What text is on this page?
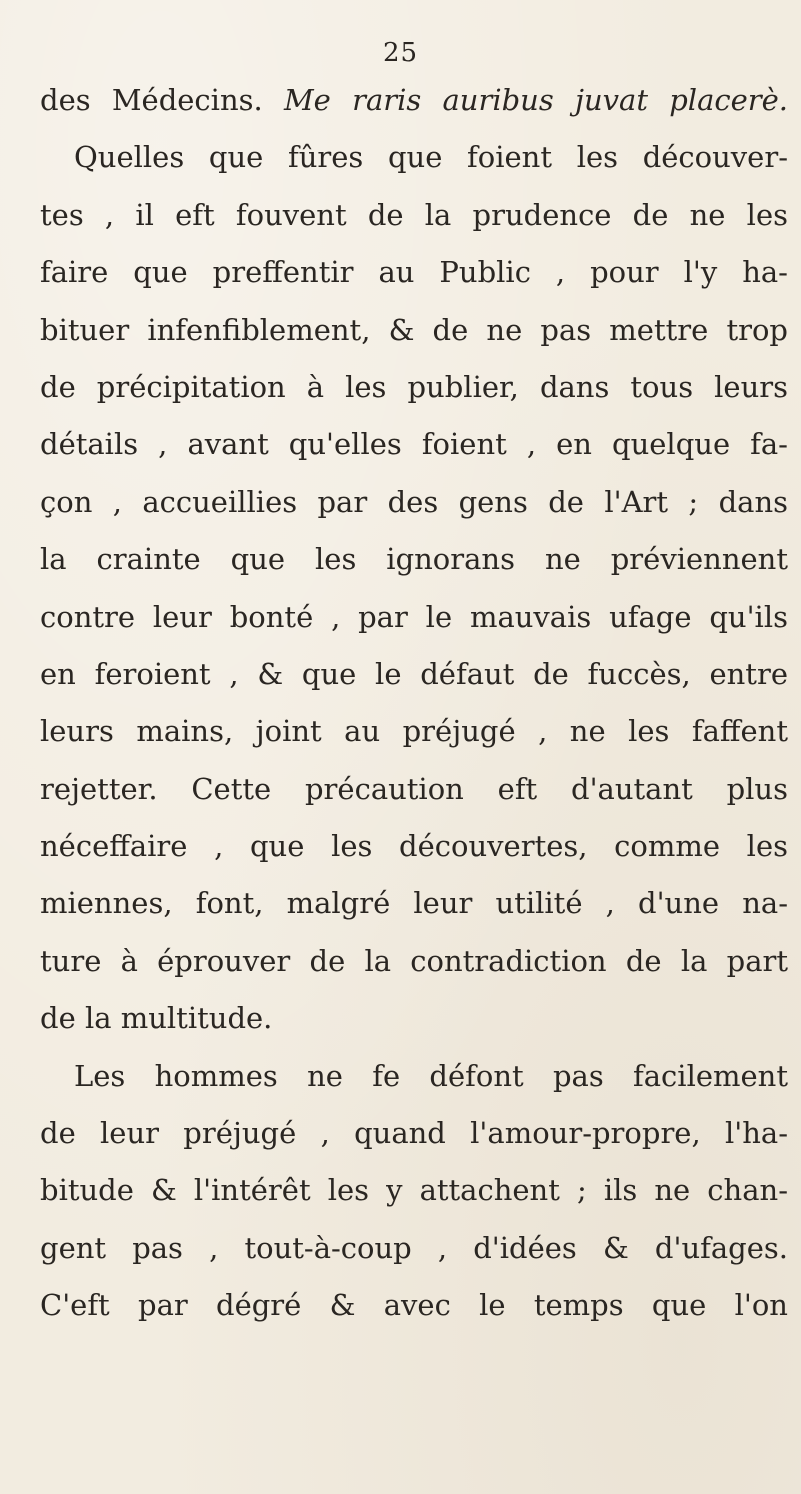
25
des Médecins. Me raris auribus juvat placerè.
Quelles que fûres que foient les découver-
tes , il eft fouvent de la prudence de ne les
faire que preffentir au Public , pour l'y ha-
bituer infenfiblement, & de ne pas mettre trop
de précipitation à les publier, dans tous leurs
détails , avant qu'elles foient , en quelque fa-
çon , accueillies par des gens de l'Art ; dans
la crainte que les ignorans ne préviennent
contre leur bonté , par le mauvais ufage qu'ils
en feroient , & que le défaut de fuccès, entre
leurs mains, joint au préjugé , ne les faffent
rejetter. Cette précaution eft d'autant plus
néceffaire , que les découvertes, comme les
miennes, font, malgré leur utilité , d'une na-
ture à éprouver de la contradiction de la part
de la multitude.
Les hommes ne fe défont pas facilement
de leur préjugé , quand l'amour-propre, l'ha-
bitude & l'intérêt les y attachent ; ils ne chan-
gent pas , tout-à-coup , d'idées & d'ufages.
C'eft par dégré & avec le temps que l'on
